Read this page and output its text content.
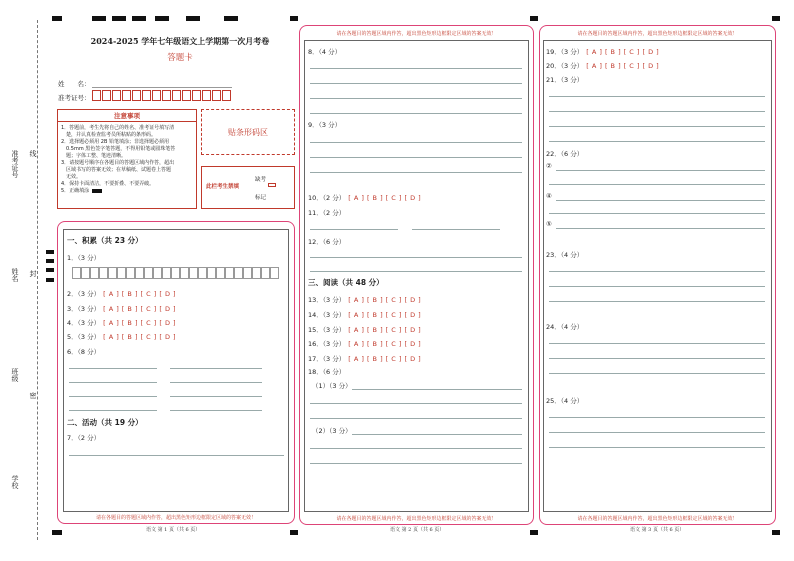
准考证号 线
姓名 封
班级
密
学校
2024-2025 学年七年级语文上学期第一次月考卷
答题卡
姓　　名：
准考证号：
注意事项
1．答题前，考生先将自己的姓名、准考证号填写清
　楚，并认真检查监考员所粘贴的条形码。
2．选择题必须用 2B 铅笔填涂；非选择题必须用
　0.5mm 黑色签字笔答题，不得用铅笔或圆珠笔答
　题；字体工整、笔迹清晰。
3．请按题号顺序在各题目的答题区域内作答，超出
　区域书写的答案无效；在草稿纸、试题卷上答题
　无效。
4．保持卡面清洁，不要折叠、不要弄破。
5．正确填涂
贴条形码区
此栏考生禁填
缺考
标记
一、积累（共 23 分）
1．（3 分）
2．（3 分） [ A ] [ B ] [ C ] [ D ]
3．（3 分） [ A ] [ B ] [ C ] [ D ]
4．（3 分） [ A ] [ B ] [ C ] [ D ]
5．（3 分） [ A ] [ B ] [ C ] [ D ]
6．（8 分）
二、活动（共 19 分）
7．（2 分）
请在各题目的答题区域内作答，超出黑色矩形边框限定区域的答案无效！
语文 第 1 页（共 6 页）
请在各题目的答题区域内作答，超出黑色矩形边框限定区域的答案无效！
8．（4 分）
9．（3 分）
10．（2 分） [ A ] [ B ] [ C ] [ D ]
11．（2 分）
12．（6 分）
三、阅读（共 48 分）
13．（3 分） [ A ] [ B ] [ C ] [ D ]
14．（3 分） [ A ] [ B ] [ C ] [ D ]
15．（3 分） [ A ] [ B ] [ C ] [ D ]
16．（3 分） [ A ] [ B ] [ C ] [ D ]
17．（3 分） [ A ] [ B ] [ C ] [ D ]
18．（6 分）
（1）（3 分）
（2）（3 分）
请在各题目的答题区域内作答，超出黑色矩形边框限定区域的答案无效！
语文 第 2 页（共 6 页）
请在各题目的答题区域内作答，超出黑色矩形边框限定区域的答案无效！
19．（3 分） [ A ] [ B ] [ C ] [ D ]
20．（3 分） [ A ] [ B ] [ C ] [ D ]
21．（3 分）
22．（6 分）
②
④
⑤
23．（4 分）
24．（4 分）
25．（4 分）
请在各题目的答题区域内作答，超出黑色矩形边框限定区域的答案无效！
语文 第 3 页（共 6 页）
